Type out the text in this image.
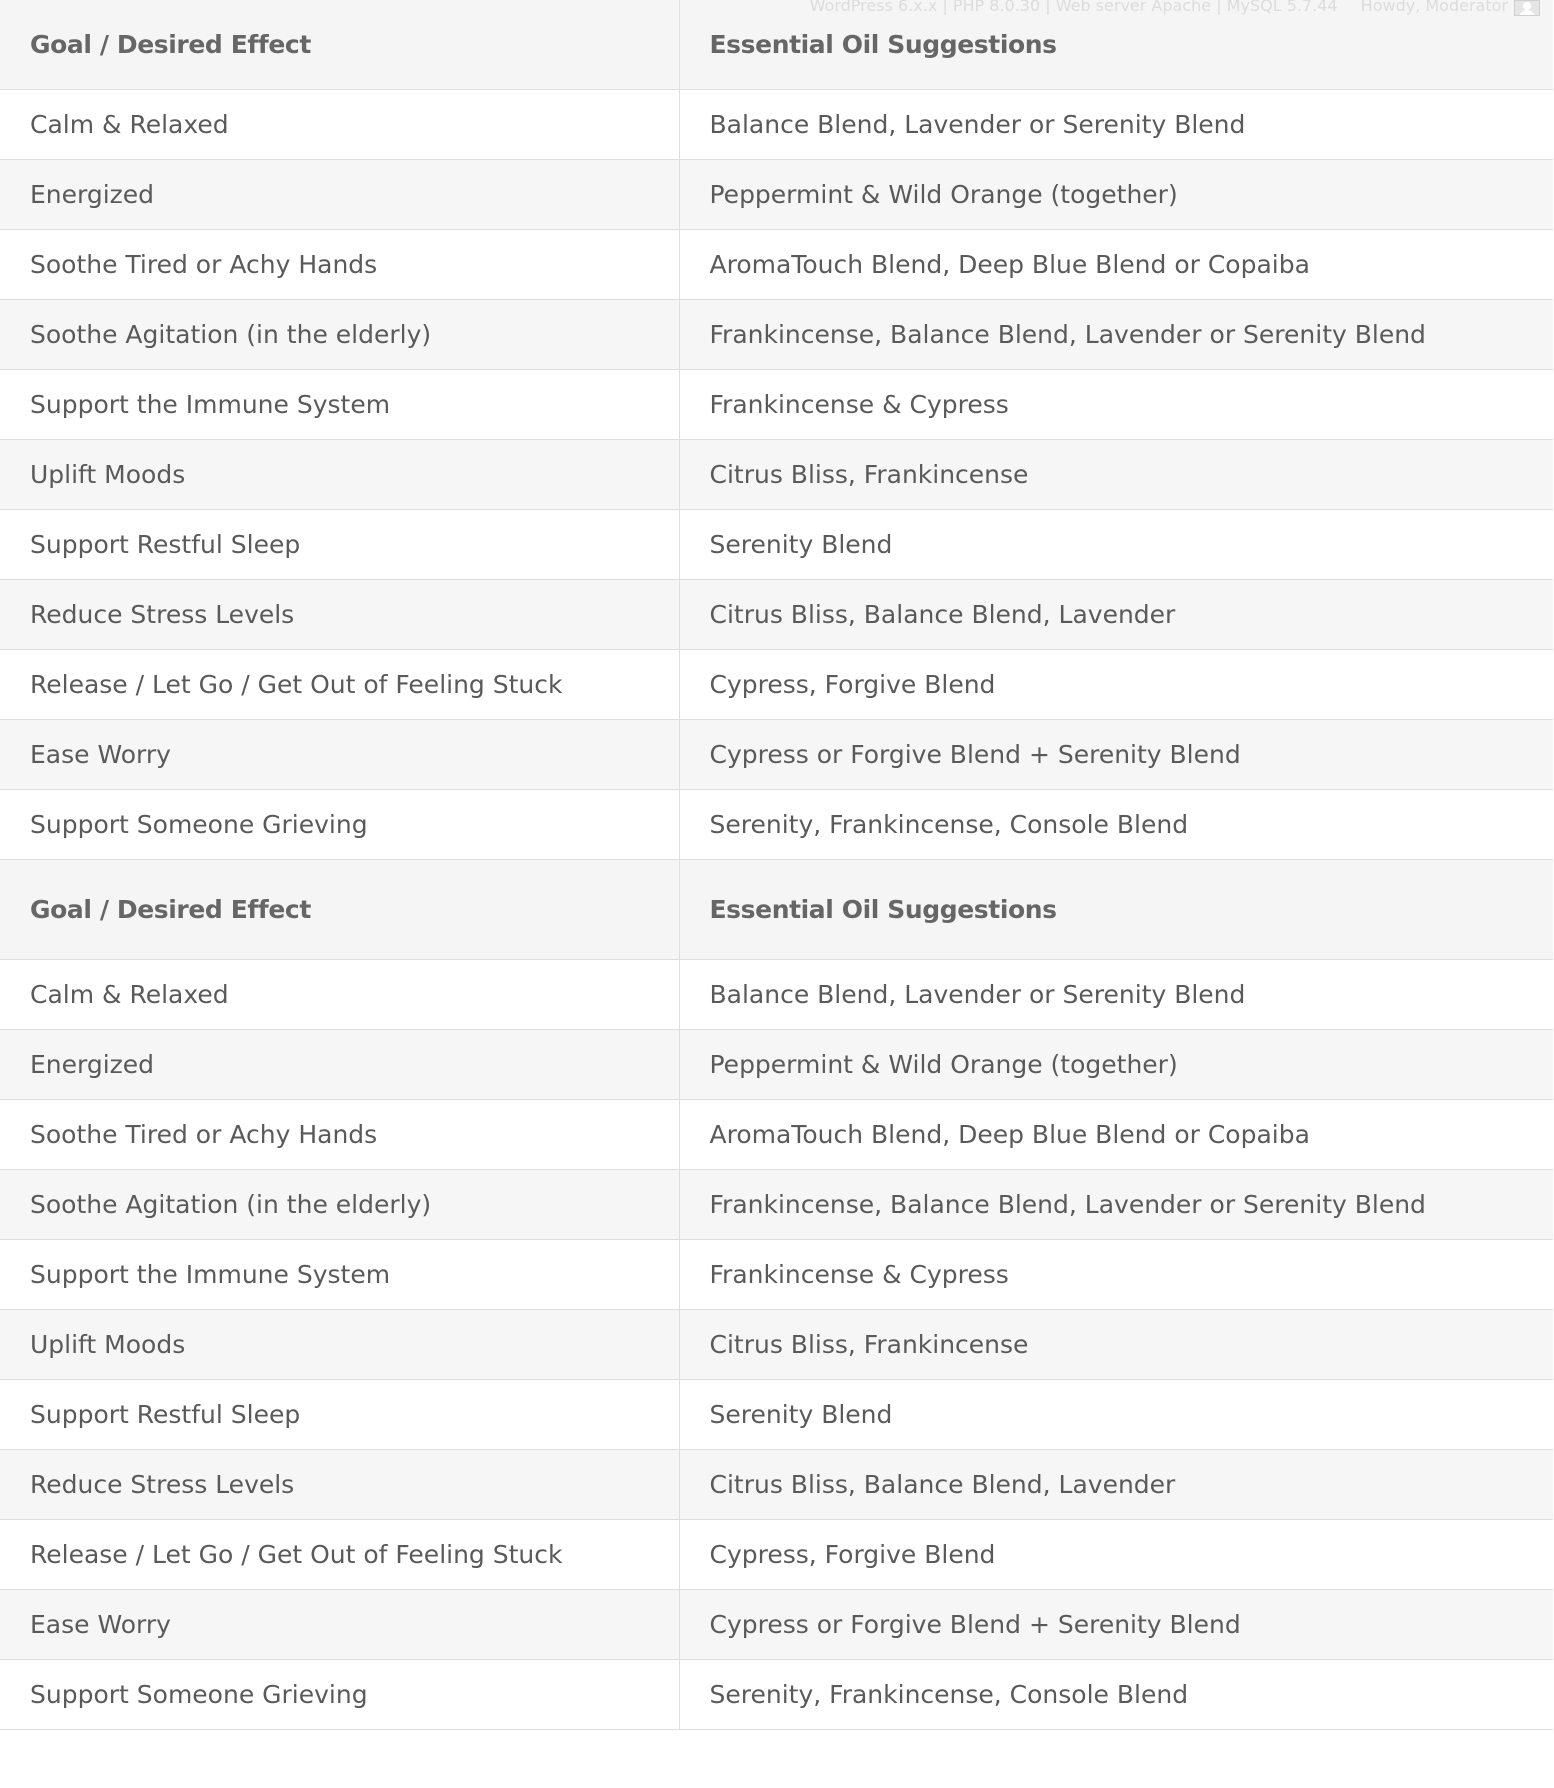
Goal / Desired Effect	Essential Oil Suggestions
Calm & Relaxed	Balance Blend, Lavender or Serenity Blend
Energized	Peppermint & Wild Orange (together)
Soothe Tired or Achy Hands	AromaTouch Blend, Deep Blue Blend or Copaiba
Soothe Agitation (in the elderly)	Frankincense, Balance Blend, Lavender or Serenity Blend
Support the Immune System	Frankincense & Cypress
Uplift Moods	Citrus Bliss, Frankincense
Support Restful Sleep	Serenity Blend
Reduce Stress Levels	Citrus Bliss, Balance Blend, Lavender
Release / Let Go / Get Out of Feeling Stuck	Cypress, Forgive Blend
Ease Worry	Cypress or Forgive Blend + Serenity Blend
Support Someone Grieving	Serenity, Frankincense, Console Blend
Goal / Desired Effect	Essential Oil Suggestions
Calm & Relaxed	Balance Blend, Lavender or Serenity Blend
Energized	Peppermint & Wild Orange (together)
Soothe Tired or Achy Hands	AromaTouch Blend, Deep Blue Blend or Copaiba
Soothe Agitation (in the elderly)	Frankincense, Balance Blend, Lavender or Serenity Blend
Support the Immune System	Frankincense & Cypress
Uplift Moods	Citrus Bliss, Frankincense
Support Restful Sleep	Serenity Blend
Reduce Stress Levels	Citrus Bliss, Balance Blend, Lavender
Release / Let Go / Get Out of Feeling Stuck	Cypress, Forgive Blend
Ease Worry	Cypress or Forgive Blend + Serenity Blend
Support Someone Grieving	Serenity, Frankincense, Console Blend
WordPress 6.x.x | PHP 8.0.30 | Web server Apache | MySQL 5.7.44 Howdy, Moderator
